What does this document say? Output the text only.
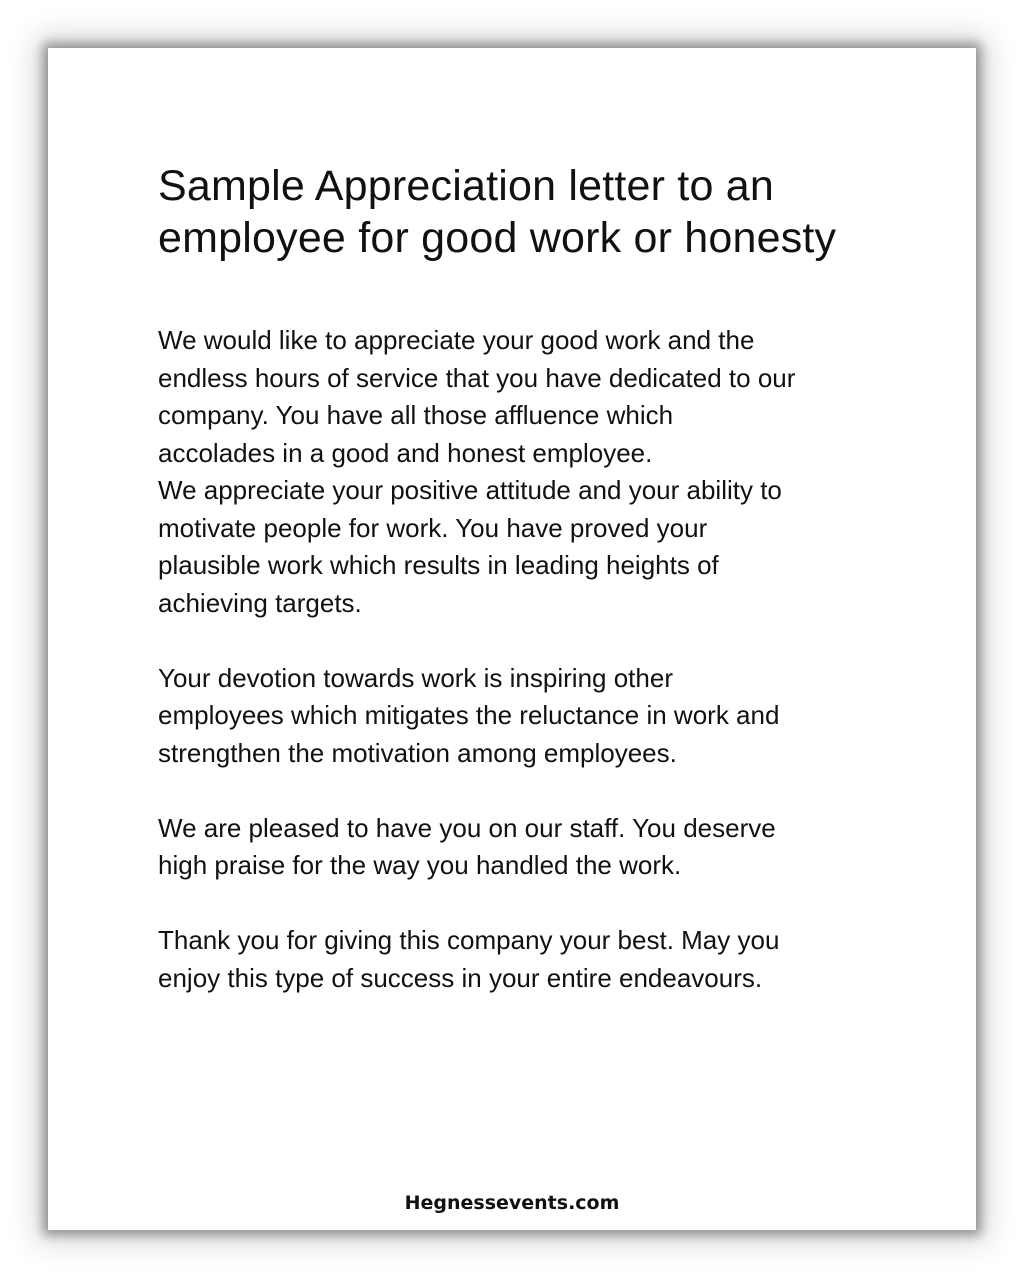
Sample Appreciation letter to an employee for good work or honesty

We would like to appreciate your good work and the
endless hours of service that you have dedicated to our
company. You have all those affluence which
accolades in a good and honest employee.
We appreciate your positive attitude and your ability to
motivate people for work. You have proved your
plausible work which results in leading heights of
achieving targets.

Your devotion towards work is inspiring other
employees which mitigates the reluctance in work and
strengthen the motivation among employees.

We are pleased to have you on our staff. You deserve
high praise for the way you handled the work.

Thank you for giving this company your best. May you
enjoy this type of success in your entire endeavours.

Hegnessevents.com
